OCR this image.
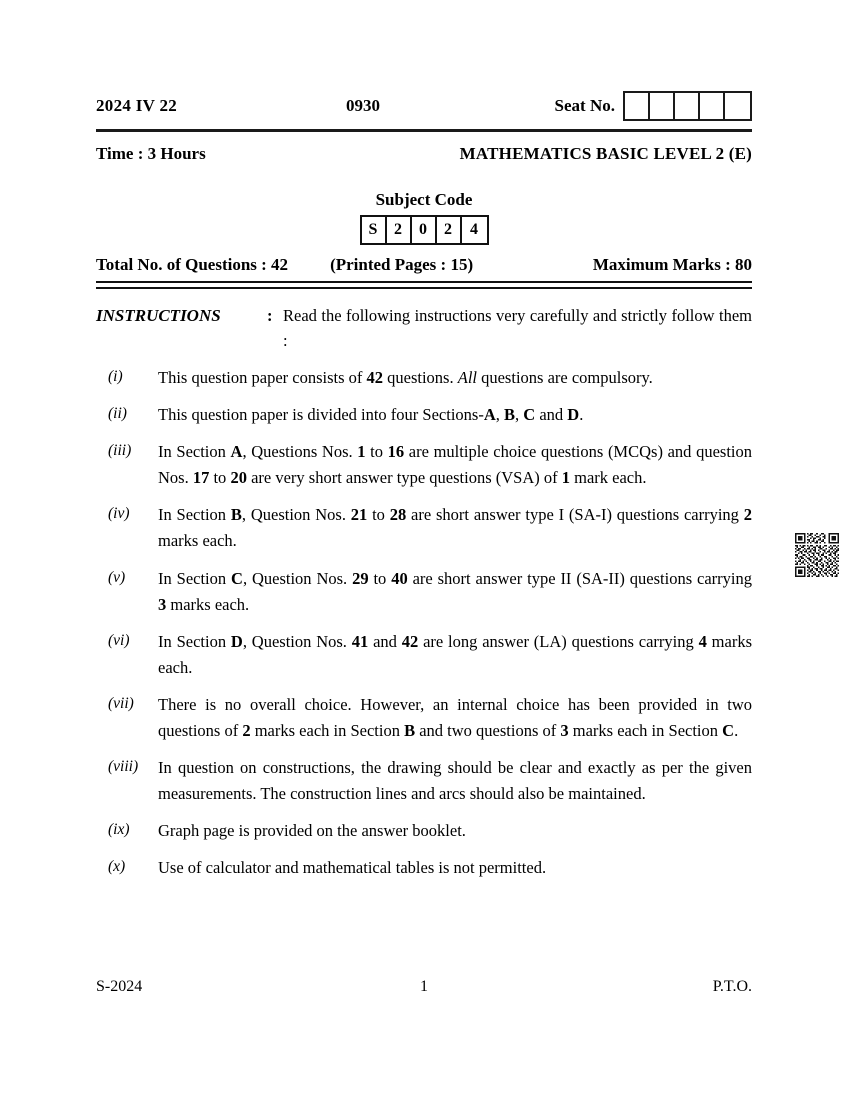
2024 IV 22	0930	Seat No.
Time : 3 Hours	MATHEMATICS BASIC LEVEL 2 (E)
Subject Code
S	2	0	2	4
Total No. of Questions : 42 (Printed Pages : 15)	Maximum Marks : 80
INSTRUCTIONS	: Read the following instructions very carefully and strictly follow them :
(i)	This question paper consists of 42 questions. All questions are compulsory.
(ii)	This question paper is divided into four Sections-A, B, C and D.
(iii)	In Section A, Questions Nos. 1 to 16 are multiple choice questions (MCQs) and question Nos. 17 to 20 are very short answer type questions (VSA) of 1 mark each.
(iv)	In Section B, Question Nos. 21 to 28 are short answer type I (SA-I) questions carrying 2 marks each.
(v)	In Section C, Question Nos. 29 to 40 are short answer type II (SA-II) questions carrying 3 marks each.
(vi)	In Section D, Question Nos. 41 and 42 are long answer (LA) questions carrying 4 marks each.
(vii)	There is no overall choice. However, an internal choice has been provided in two questions of 2 marks each in Section B and two questions of 3 marks each in Section C.
(viii)	In question on constructions, the drawing should be clear and exactly as per the given measurements. The construction lines and arcs should also be maintained.
(ix)	Graph page is provided on the answer booklet.
(x)	Use of calculator and mathematical tables is not permitted.
S-2024	1	P.T.O.
